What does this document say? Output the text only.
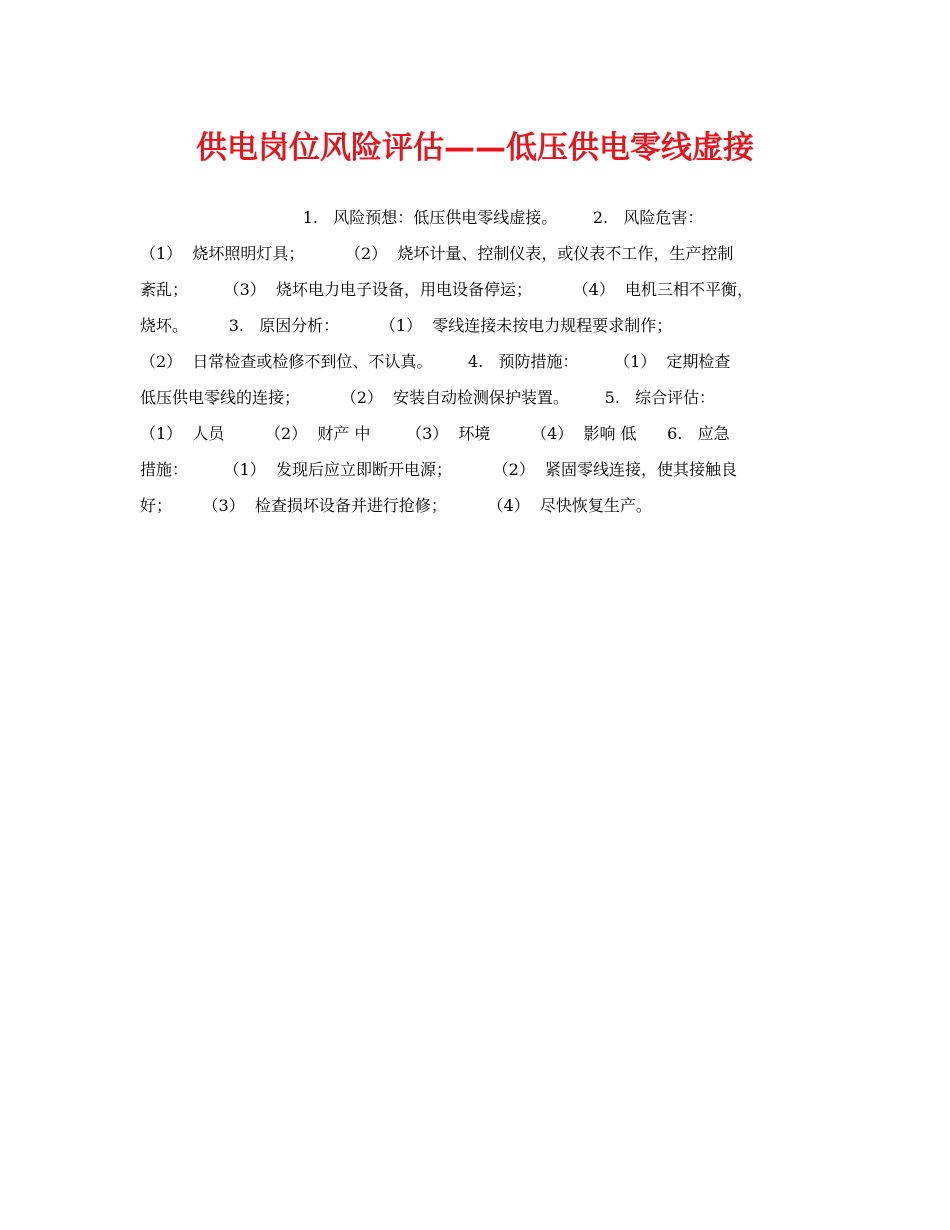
供电岗位风险评估——低压供电零线虚接
1.   风险预想：低压供电零线虚接。       2.   风险危害：
（1）  烧坏照明灯具；        （2）  烧坏计量、控制仪表，或仪表不工作，生产控制
紊乱；       （3）  烧坏电力电子设备，用电设备停运；        （4）  电机三相不平衡，
烧坏。        3.   原因分析：        （1）  零线连接未按电力规程要求制作；
（2）  日常检查或检修不到位、不认真。       4.   预防措施：       （1）  定期检查
低压供电零线的连接；        （2）  安装自动检测保护装置。       5.   综合评估：
（1）  人员        （2）  财产 中       （3）  环境        （4）  影响 低      6.   应急
措施：       （1）  发现后应立即断开电源；        （2）  紧固零线连接，使其接触良
好；      （3）  检查损坏设备并进行抢修；        （4）  尽快恢复生产。
